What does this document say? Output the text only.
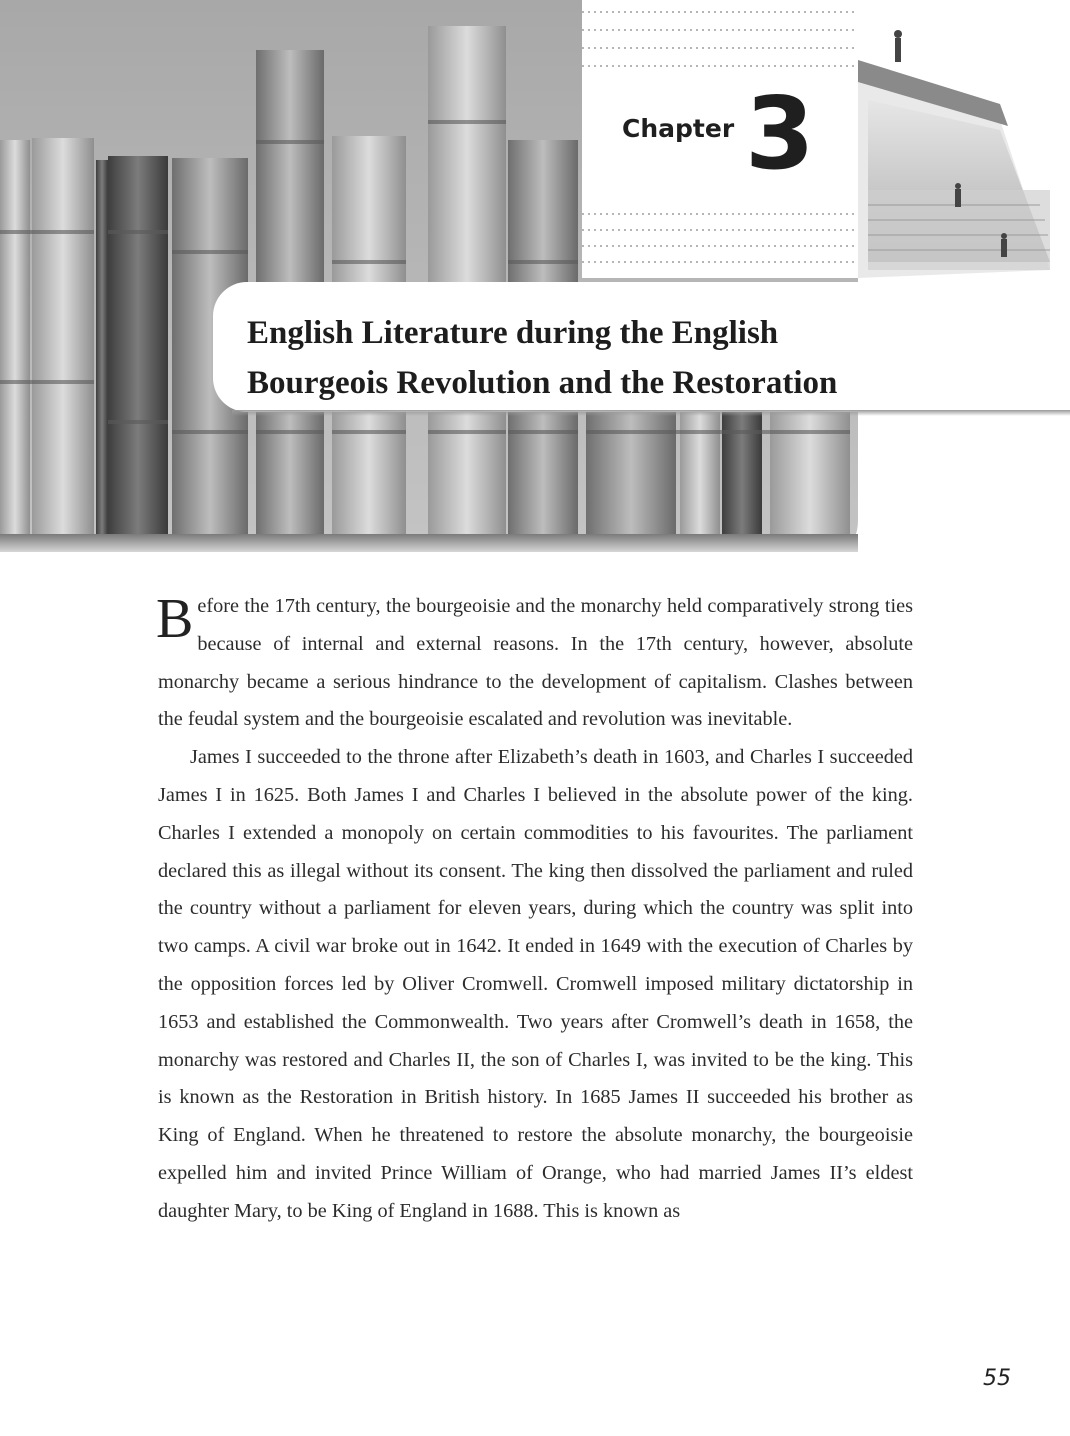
Chapter 3
English Literature during the English
Bourgeois Revolution and the Restoration

Before the 17th century, the bourgeoisie and the monarchy held comparatively strong ties because of internal and external reasons. In the 17th century, however, absolute monarchy became a serious hindrance to the development of capitalism. Clashes between the feudal system and the bourgeoisie escalated and revolution was inevitable.

James I succeeded to the throne after Elizabeth’s death in 1603, and Charles I succeeded James I in 1625. Both James I and Charles I believed in the absolute power of the king. Charles I extended a monopoly on certain commodities to his favourites. The parliament declared this as illegal without its consent. The king then dissolved the parliament and ruled the country without a parliament for eleven years, during which the country was split into two camps. A civil war broke out in 1642. It ended in 1649 with the execution of Charles by the opposition forces led by Oliver Cromwell. Cromwell imposed military dictatorship in 1653 and established the Commonwealth. Two years after Cromwell’s death in 1658, the monarchy was restored and Charles II, the son of Charles I, was invited to be the king. This is known as the Restoration in British history. In 1685 James II succeeded his brother as King of England. When he threatened to restore the absolute monarchy, the bourgeoisie expelled him and invited Prince William of Orange, who had married James II’s eldest daughter Mary, to be King of England in 1688. This is known as

55
